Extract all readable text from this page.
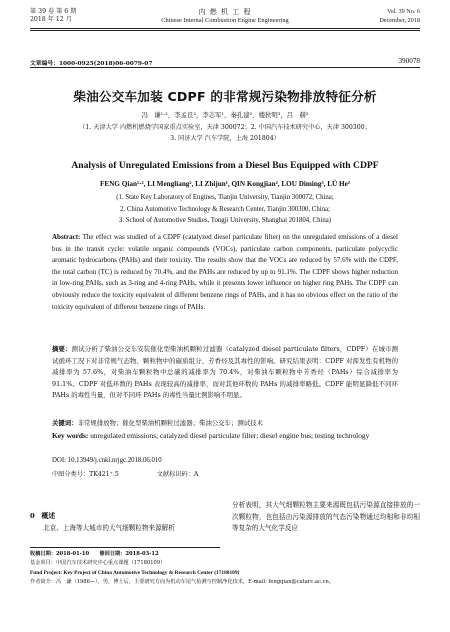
第 39 卷 第 6 期
2018 年 12 月
内 燃 机 工 程
Chinese Internal Combustion Engine Engineering
Vol. 39 No. 6
December, 2018
文章编号：1000-0925(2018)06-0079-07	390078
柴油公交车加装 CDPF 的非常规污染物排放特征分析
冯　谦¹·²，李孟良²，李志军¹，秦孔建²，楼狄明³，吕　赫²
（1. 天津大学 内燃机燃烧学国家重点实验室，天津 300072；2. 中国汽车技术研究中心，天津 300300；
3. 同济大学 汽车学院，上海 201804）
Analysis of Unregulated Emissions from a Diesel Bus Equipped with CDPF
FENG Qian¹·², LI Mengliang², LI Zhijun¹, QIN Kongjian², LOU Diming³, LÜ He²
(1. State Key Laboratory of Engines, Tianjin University, Tianjin 300072, China;
2. China Automotive Technology & Research Center, Tianjin 300300, China;
3. School of Automotive Studies, Tongji University, Shanghai 201804, China)
Abstract: The effect was studied of a CDPF (catalyzed diesel particulate filter) on the unregulated emissions of a diesel bus in the transit cycle: volatile organic compounds (VOCs), particulate carbon components, particulate polycyclic aromatic hydrocarbons (PAHs) and their toxicity. The results show that the VOCs are reduced by 57.6% with the CDPF, the total carbon (TC) is reduced by 70.4%, and the PAHs are reduced by up to 91.1%. The CDPF shows higher reduction in low-ring PAHs, such as 3-ring and 4-ring PAHs, while it presents lower influence on higher ring PAHs. The CDPF can obviously reduce the toxicity equivalent of different benzene rings of PAHs, and it has no obvious effect on the ratio of the toxicity equivalent of different benzene rings of PAHs.
摘要：测试分析了柴油公交车安装催化型柴油机颗粒过滤器（catalyzed diesel particulate filters，CDPF）在城市测试循环工况下对非常规气态物、颗粒物中的碳质组分、芳香烃及其毒性的影响。研究结果表明：CDPF 对挥发性有机物的减排率为 57.6%，对柴油车颗粒物中总碳的减排率为 70.4%，对柴油车颗粒物中芳香烃（PAHs）综合减排率为 91.1%。CDPF 对低环数的 PAHs 表现较高的减排率，而对其他环数的 PAHs 的减排率略低。CDPF 能明显降低不同环 PAHs 的毒性当量，但对不同环 PAHs 的毒性当量比例影响不明显。
关键词：非常规排放物；催化型柴油机颗粒过滤器；柴油公交车；测试技术
Key words: unregulated emissions; catalyzed diesel particulate filter; diesel engine bus; testing technology
DOI: 10.13949/j.cnki.nrjgc.2018.06.010
中图分类号：TK421⁺.5	文献标识码：A
0　概述
北京、上海等大城市的大气细颗粒物来源解析
分析表明，其大气细颗粒物主要来源既包括污染源直接排放的一次颗粒物，也包括由污染源排放的气态污染物通过均相和非均相等复杂的大气化学反应
收稿日期：2018-01-10　　修回日期：2018-03-12
基金项目：中国汽车技术研究中心重点课题（17180109）
Fund Project: Key Project of China Automotive Technology & Research Center (17180109)
作者简介：冯　谦（1986—），男，博士后，主要研究方向为机动车尾气检测与控制净化技术，E-mail: fengqian@catarc.ac.cn。
